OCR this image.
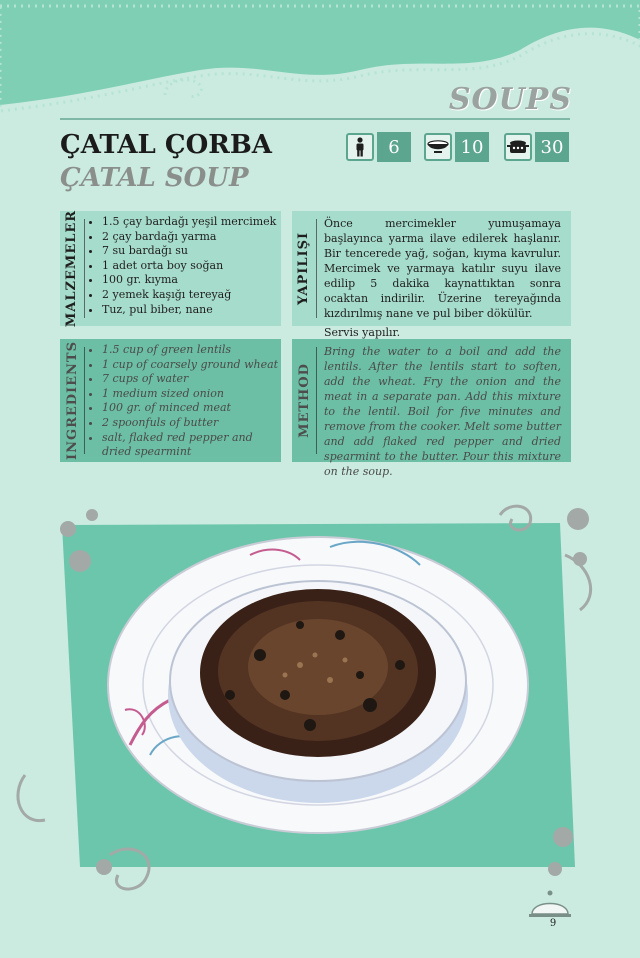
SOUPS
ÇATAL ÇORBA
ÇATAL SOUP
6	10	30
MALZEMELER • 1.5 çay bardağı yeşil mercimek
• 2 çay bardağı yarma
• 7 su bardağı su
• 1 adet orta boy soğan
• 100 gr. kıyma
• 2 yemek kaşığı tereyağ
• Tuz, pul biber, nane
YAPILIŞI

Önce mercimekler yumuşamaya başlayınca yarma ilave edilerek haşlanır. Bir tencerede yağ, soğan, kıyma kavrulur. Mercimek ve yarmaya katılır suyu ilave edilip 5 dakika kaynattıktan sonra ocaktan indirilir. Üzerine tereyağında kızdırılmış nane ve pul biber dökülür.

Servis yapılır.

INGREDIENTS • 1.5 cup of green lentils
• 1 cup of coarsely ground wheat
• 7 cups of water
• 1 medium sized onion
• 100 gr. of minced meat
• 2 spoonfuls of butter
• salt, flaked red pepper and dried spearmint
METHOD

Bring the water to a boil and add the lentils. After the lentils start to soften, add the wheat. Fry the onion and the meat in a separate pan. Add this mixture to the lentil. Boil for five minutes and remove from the cooker. Melt some butter and add flaked red pepper and dried spearmint to the butter. Pour this mixture on the soup.

9
